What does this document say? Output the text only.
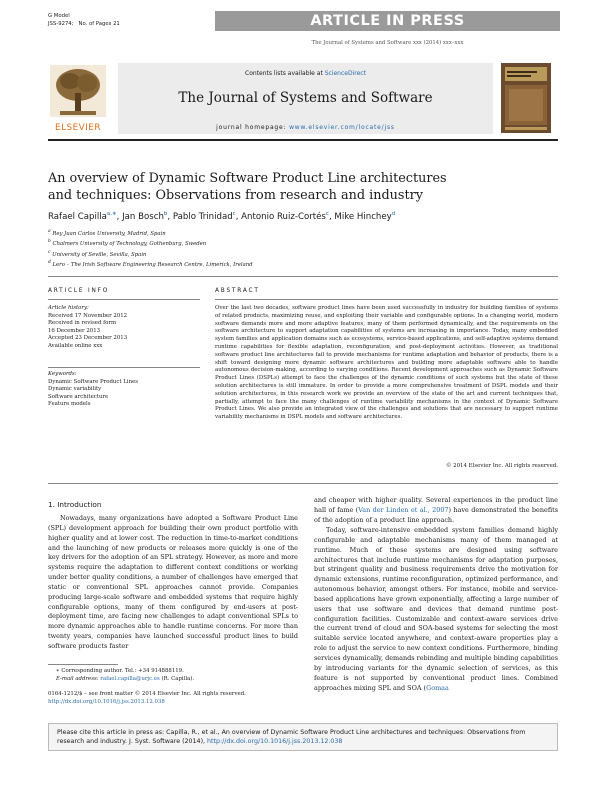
G Model
JSS-9274; No. of Pages 21	ARTICLE IN PRESS
The Journal of Systems and Software xxx (2014) xxx–xxx
Contents lists available at ScienceDirect
The Journal of Systems and Software
journal homepage: www.elsevier.com/locate/jss
ELSEVIER
An overview of Dynamic Software Product Line architectures and techniques: Observations from research and industry
Rafael Capilla$^{a,∗}$, Jan Bosch$^b$, Pablo Trinidad$^c$, Antonio Ruiz-Cortés$^c$, Mike Hinchey$^d$
$^a$ Rey Juan Carlos University, Madrid, Spain
$^b$ Chalmers University of Technology, Gothenburg, Sweden
$^c$ University of Seville, Sevilla, Spain
$^d$ Lero – The Irish Software Engineering Research Centre, Limerick, Ireland
ARTICLE INFO	ABSTRACT
Article history:
Received 17 November 2012
Received in revised form
16 December 2013
Accepted 23 December 2013
Available online xxx
Keywords:
Dynamic Software Product Lines
Dynamic variability
Software architecture
Feature models
Over the last two decades, software product lines have been used successfully in industry for building families of systems of related products, maximizing reuse, and exploiting their variable and configurable options. In a changing world, modern software demands more and more adaptive features, many of them performed dynamically, and the requirements on the software architecture to support adaptation capabilities of systems are increasing in importance. Today, many embedded system families and application domains such as ecosystems, service-based applications, and self-adaptive systems demand runtime capabilities for flexible adaptation, reconfiguration, and post-deployment activities. However, as traditional software product line architectures fail to provide mechanisms for runtime adaptation and behavior of products, there is a shift toward designing more dynamic software architectures and building more adaptable software able to handle autonomous decision-making, according to varying conditions. Recent development approaches such as Dynamic Software Product Lines (DSPLs) attempt to face the challenges of the dynamic conditions of such systems but the state of these solution architectures is still immature. In order to provide a more comprehensive treatment of DSPL models and their solution architectures, in this research work we provide an overview of the state of the art and current techniques that, partially, attempt to face the many challenges of runtime variability mechanisms in the context of Dynamic Software Product Lines. We also provide an integrated view of the challenges and solutions that are necessary to support runtime variability mechanisms in DSPL models and software architectures.
© 2014 Elsevier Inc. All rights reserved.
1. Introduction
Nowadays, many organizations have adopted a Software Product Line (SPL) development approach for building their own product portfolio with higher quality and at lower cost. The reduction in time-to-market conditions and the launching of new products or releases more quickly is one of the key drivers for the adoption of an SPL strategy. However, as more and more systems require the adaptation to different context conditions or working under better quality conditions, a number of challenges have emerged that static or conventional SPL approaches cannot provide. Companies producing large-scale software and embedded systems that require highly configurable options, many of them configured by end-users at post-deployment time, are facing new challenges to adapt conventional SPLs to more dynamic approaches able to handle runtime concerns. For more than twenty years, companies have launched successful product lines to build software products faster
and cheaper with higher quality. Several experiences in the product line hall of fame (Van der Linden et al., 2007) have demonstrated the benefits of the adoption of a product line approach.
Today, software-intensive embedded system families demand highly configurable and adaptable mechanisms many of them managed at runtime. Much of these systems are designed using software architectures that include runtime mechanisms for adaptation purposes, but stringent quality and business requirements drive the motivation for dynamic extensions, runtime reconfiguration, optimized performance, and autonomous behavior, amongst others. For instance, mobile and service-based applications have grown exponentially, affecting a large number of users that use software and devices that demand runtime post-configuration facilities. Customizable and context-aware services drive the current trend of cloud and SOA-based systems for selecting the most suitable service located anywhere, and context-aware properties play a role to adjust the service to new context conditions. Furthermore, binding services dynamically, demands rebinding and multiple binding capabilities by introducing variants for the dynamic selection of services, as this feature is not supported by conventional product lines. Combined approaches mixing SPL and SOA (Gomaa
∗ Corresponding author. Tel.: +34 914888119.
E-mail address: rafael.capilla@urjc.es (R. Capilla).
0164-1212/$ – see front matter © 2014 Elsevier Inc. All rights reserved.
http://dx.doi.org/10.1016/j.jss.2013.12.038
Please cite this article in press as: Capilla, R., et al., An overview of Dynamic Software Product Line architectures and techniques: Observations from research and industry. J. Syst. Software (2014), http://dx.doi.org/10.1016/j.jss.2013.12.038
